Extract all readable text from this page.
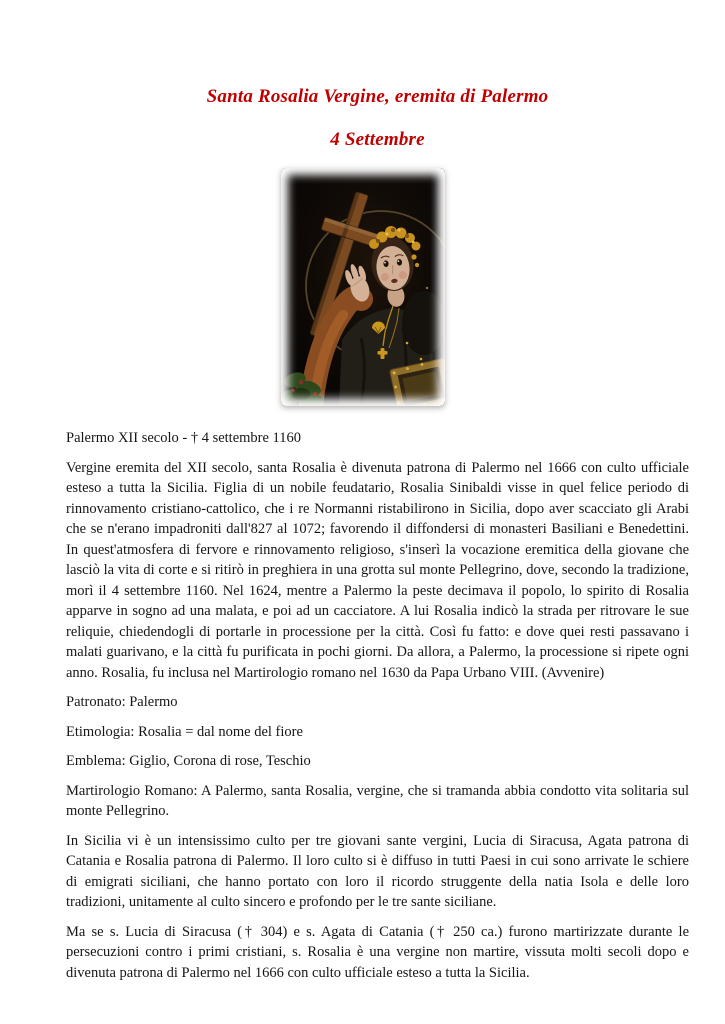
Santa Rosalia Vergine, eremita di Palermo
4 Settembre

Palermo XII secolo - † 4 settembre 1160

Vergine eremita del XII secolo, santa Rosalia è divenuta patrona di Palermo nel 1666 con culto ufficiale esteso a tutta la Sicilia. Figlia di un nobile feudatario, Rosalia Sinibaldi visse in quel felice periodo di rinnovamento cristiano-cattolico, che i re Normanni ristabilirono in Sicilia, dopo aver scacciato gli Arabi che se n'erano impadroniti dall'827 al 1072; favorendo il diffondersi di monasteri Basiliani e Benedettini. In quest'atmosfera di fervore e rinnovamento religioso, s'inserì la vocazione eremitica della giovane che lasciò la vita di corte e si ritirò in preghiera in una grotta sul monte Pellegrino, dove, secondo la tradizione, morì il 4 settembre 1160. Nel 1624, mentre a Palermo la peste decimava il popolo, lo spirito di Rosalia apparve in sogno ad una malata, e poi ad un cacciatore. A lui Rosalia indicò la strada per ritrovare le sue reliquie, chiedendogli di portarle in processione per la città. Così fu fatto: e dove quei resti passavano i malati guarivano, e la città fu purificata in pochi giorni. Da allora, a Palermo, la processione si ripete ogni anno. Rosalia, fu inclusa nel Martirologio romano nel 1630 da Papa Urbano VIII. (Avvenire)

Patronato: Palermo

Etimologia: Rosalia = dal nome del fiore

Emblema: Giglio, Corona di rose, Teschio

Martirologio Romano: A Palermo, santa Rosalia, vergine, che si tramanda abbia condotto vita solitaria sul monte Pellegrino.

In Sicilia vi è un intensissimo culto per tre giovani sante vergini, Lucia di Siracusa, Agata patrona di Catania e Rosalia patrona di Palermo. Il loro culto si è diffuso in tutti Paesi in cui sono arrivate le schiere di emigrati siciliani, che hanno portato con loro il ricordo struggente della natia Isola e delle loro tradizioni, unitamente al culto sincero e profondo per le tre sante siciliane.

Ma se s. Lucia di Siracusa († 304) e s. Agata di Catania († 250 ca.) furono martirizzate durante le persecuzioni contro i primi cristiani, s. Rosalia è una vergine non martire, vissuta molti secoli dopo e divenuta patrona di Palermo nel 1666 con culto ufficiale esteso a tutta la Sicilia.
